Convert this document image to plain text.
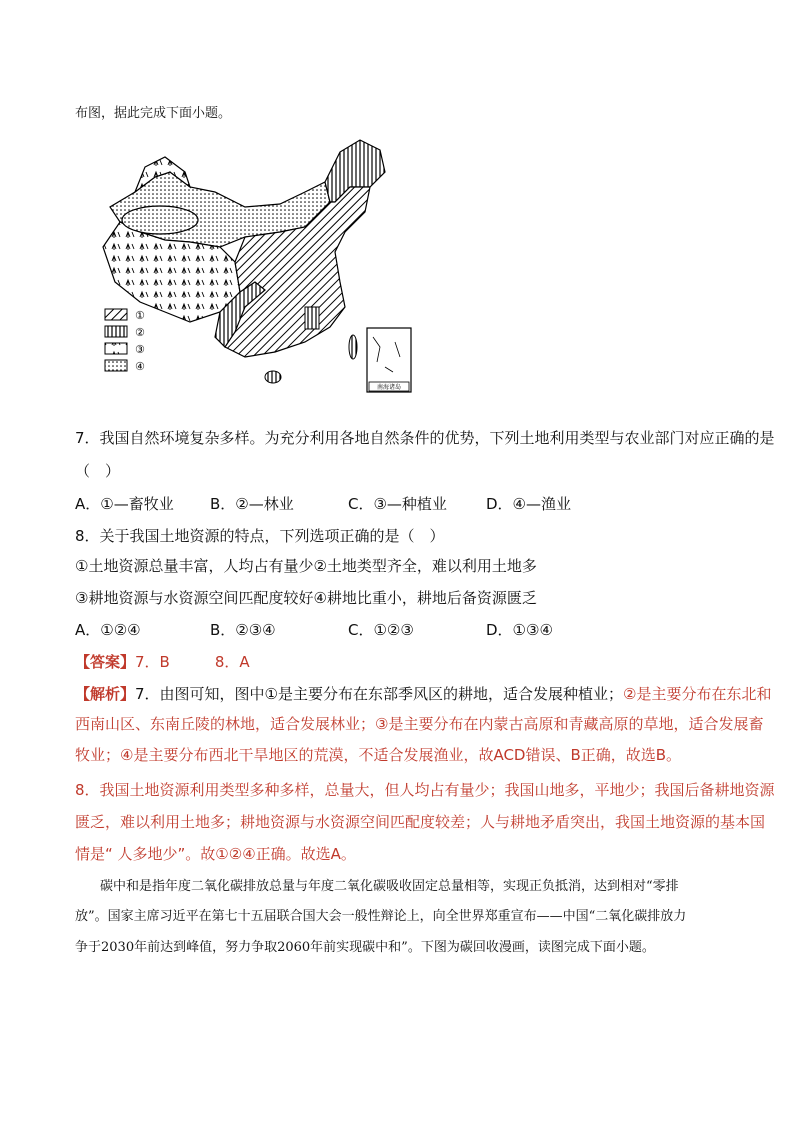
布图，据此完成下面小题。
①
②
③
④
南海诸岛
7．我国自然环境复杂多样。为充分利用各地自然条件的优势，下列土地利用类型与农业部门对应正确的是
（　）
A．①—畜牧业 B．②—林业	C．③—种植业	D．④—渔业
8．关于我国土地资源的特点，下列选项正确的是（　）
①土地资源总量丰富，人均占有量少②土地类型齐全，难以利用土地多
③耕地资源与水资源空间匹配度较好④耕地比重小，耕地后备资源匮乏
A．①②④	B．②③④	C．①②③	D．①③④
【答案】7．B　　　8．A
【解析】7．由图可知，图中①是主要分布在东部季风区的耕地，适合发展种植业；②是主要分布在东北和
西南山区、东南丘陵的林地，适合发展林业；③是主要分布在内蒙古高原和青藏高原的草地，适合发展畜
牧业；④是主要分布西北干旱地区的荒漠，不适合发展渔业，故ACD错误、B正确，故选B。
8．我国土地资源利用类型多种多样，总量大，但人均占有量少；我国山地多，平地少；我国后备耕地资源
匮乏，难以利用土地多；耕地资源与水资源空间匹配度较差；人与耕地矛盾突出，我国土地资源的基本国
情是“ 人多地少”。故①②④正确。故选A。
碳中和是指年度二氧化碳排放总量与年度二氧化碳吸收固定总量相等，实现正负抵消，达到相对“零排
放”。国家主席习近平在第七十五届联合国大会一般性辩论上，向全世界郑重宣布——中国“二氧化碳排放力
争于2030年前达到峰值，努力争取2060年前实现碳中和”。下图为碳回收漫画，读图完成下面小题。
